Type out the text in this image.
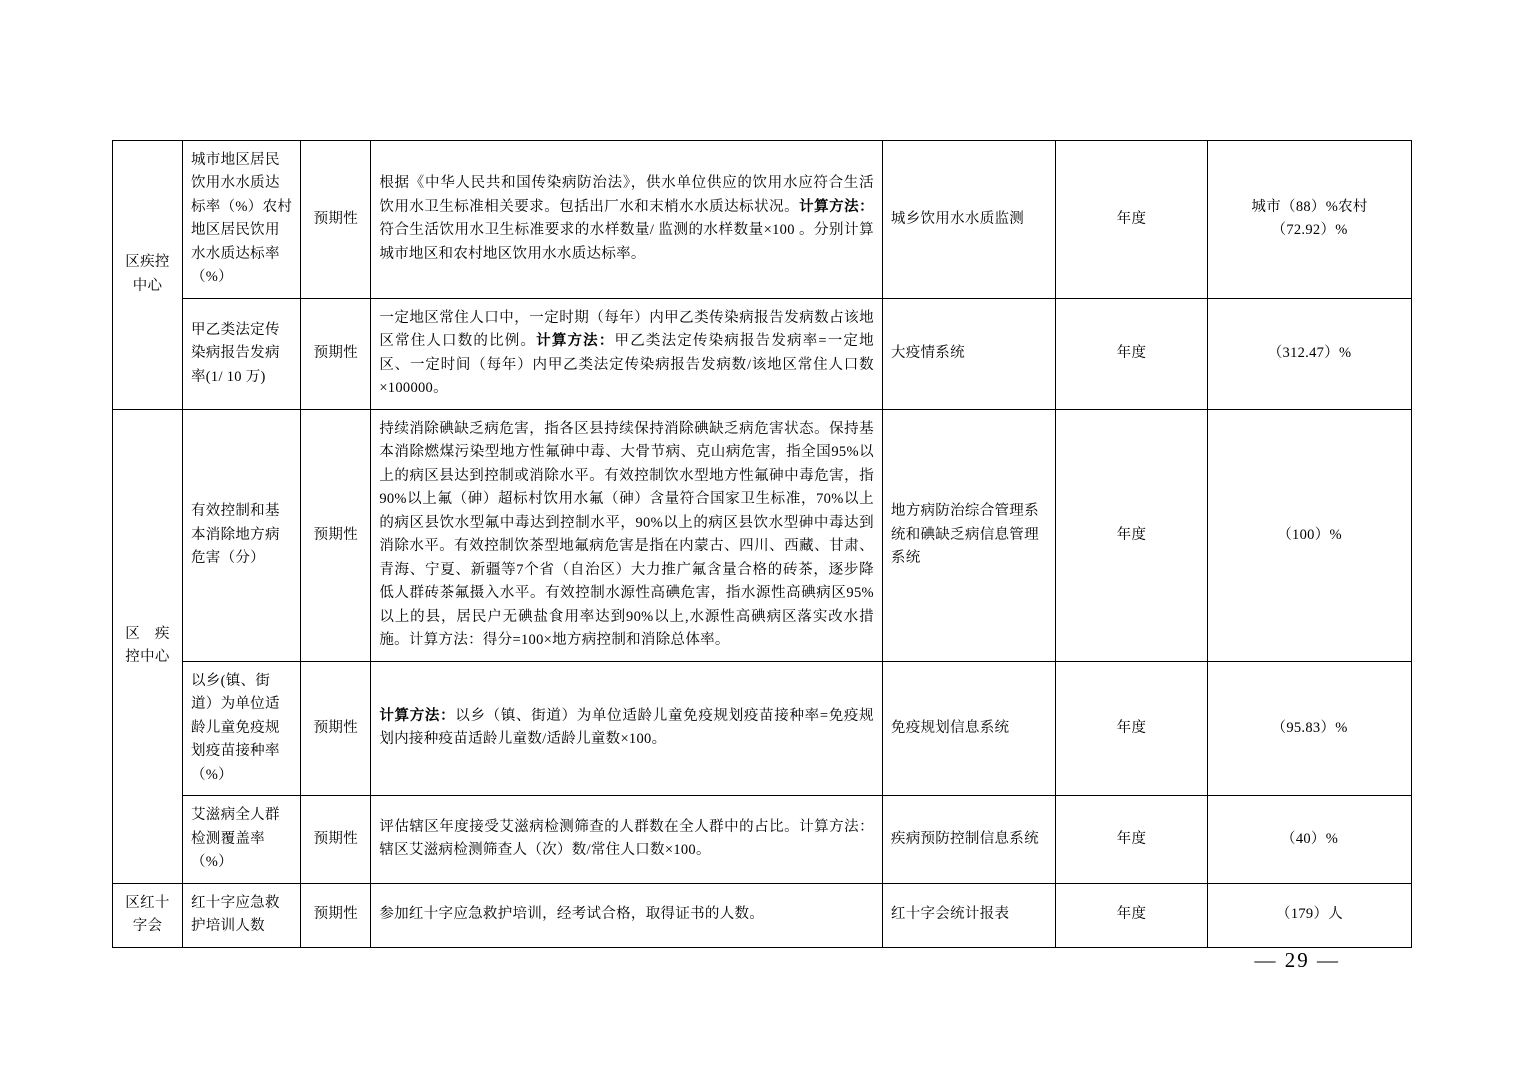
区疾控中心	城市地区居民饮用水水质达标率（%）农村地区居民饮用水水质达标率（%）	预期性	根据《中华人民共和国传染病防治法》，供水单位供应的饮用水应符合生活饮用水卫生标准相关要求。包括出厂水和末梢水水质达标状况。计算方法：符合生活饮用水卫生标准要求的水样数量/ 监测的水样数量×100 。分别计算城市地区和农村地区饮用水水质达标率。	城乡饮用水水质监测	年度	城市（88）%农村（72.92）%
	甲乙类法定传染病报告发病率(1/ 10 万)	预期性	一定地区常住人口中，一定时期（每年）内甲乙类传染病报告发病数占该地区常住人口数的比例。计算方法：甲乙类法定传染病报告发病率=一定地区、一定时间（每年）内甲乙类法定传染病报告发病数/该地区常住人口数×100000。	大疫情系统	年度	（312.47）%
区　疾控中心	有效控制和基本消除地方病危害（分）	预期性	持续消除碘缺乏病危害，指各区县持续保持消除碘缺乏病危害状态。保持基本消除燃煤污染型地方性氟砷中毒、大骨节病、克山病危害，指全国95%以上的病区县达到控制或消除水平。有效控制饮水型地方性氟砷中毒危害，指90%以上氟（砷）超标村饮用水氟（砷）含量符合国家卫生标准，70%以上的病区县饮水型氟中毒达到控制水平，90%以上的病区县饮水型砷中毒达到消除水平。有效控制饮茶型地氟病危害是指在内蒙古、四川、西藏、甘肃、青海、宁夏、新疆等7个省（自治区）大力推广氟含量合格的砖茶，逐步降低人群砖茶氟摄入水平。有效控制水源性高碘危害，指水源性高碘病区95%以上的县，居民户无碘盐食用率达到90%以上,水源性高碘病区落实改水措施。计算方法：得分=100×地方病控制和消除总体率。	地方病防治综合管理系统和碘缺乏病信息管理系统	年度	（100）%
	以乡(镇、街道）为单位适龄儿童免疫规划疫苗接种率（%）	预期性	计算方法：以乡（镇、街道）为单位适龄儿童免疫规划疫苗接种率=免疫规划内接种疫苗适龄儿童数/适龄儿童数×100。	免疫规划信息系统	年度	（95.83）%
	艾滋病全人群检测覆盖率（%）	预期性	评估辖区年度接受艾滋病检测筛查的人群数在全人群中的占比。计算方法：辖区艾滋病检测筛查人（次）数/常住人口数×100。	疾病预防控制信息系统	年度	（40）%
区红十字会	红十字应急救护培训人数	预期性	参加红十字应急救护培训，经考试合格，取得证书的人数。	红十字会统计报表	年度	（179）人
— 29 —
